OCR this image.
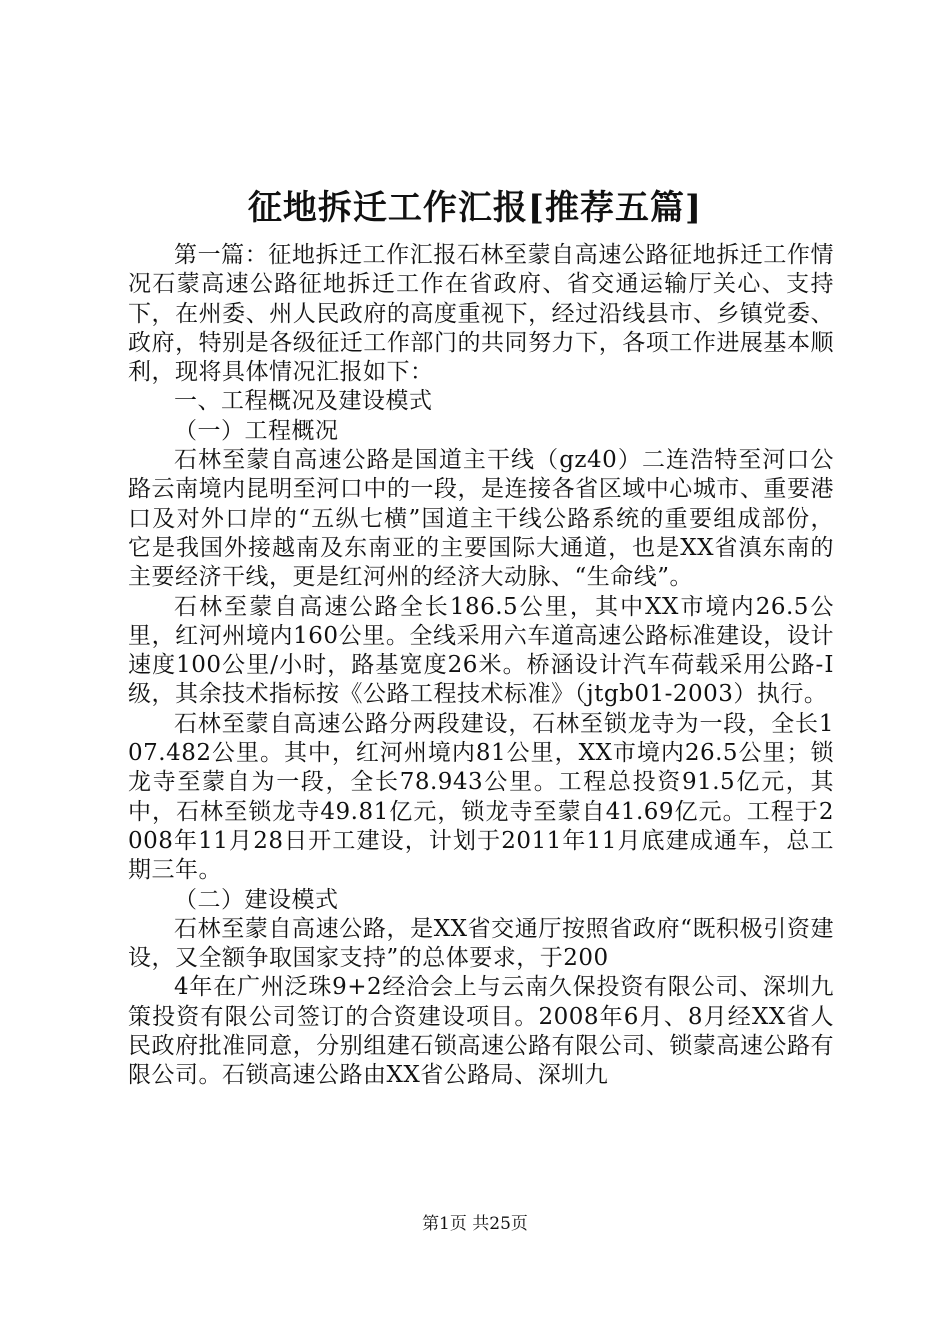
征地拆迁工作汇报[推荐五篇]

第一篇：征地拆迁工作汇报石林至蒙自高速公路征地拆迁工作情况石蒙高速公路征地拆迁工作在省政府、省交通运输厅关心、支持下，在州委、州人民政府的高度重视下，经过沿线县市、乡镇党委、政府，特别是各级征迁工作部门的共同努力下，各项工作进展基本顺利，现将具体情况汇报如下：

一、工程概况及建设模式

（一）工程概况

石林至蒙自高速公路是国道主干线（gz40）二连浩特至河口公路云南境内昆明至河口中的一段，是连接各省区域中心城市、重要港口及对外口岸的“五纵七横”国道主干线公路系统的重要组成部份，它是我国外接越南及东南亚的主要国际大通道，也是XX省滇东南的主要经济干线，更是红河州的经济大动脉、“生命线”。

石林至蒙自高速公路全长186.5公里，其中XX市境内26.5公里，红河州境内160公里。全线采用六车道高速公路标准建设，设计速度100公里/小时，路基宽度26米。桥涵设计汽车荷载采用公路-Ⅰ级，其余技术指标按《公路工程技术标准》（jtgb01-2003）执行。

石林至蒙自高速公路分两段建设，石林至锁龙寺为一段，全长107.482公里。其中，红河州境内81公里，XX市境内26.5公里；锁龙寺至蒙自为一段，全长78.943公里。工程总投资91.5亿元，其中，石林至锁龙寺49.81亿元，锁龙寺至蒙自41.69亿元。工程于2008年11月28日开工建设，计划于2011年11月底建成通车，总工期三年。

（二）建设模式

石林至蒙自高速公路，是XX省交通厅按照省政府“既积极引资建设，又全额争取国家支持”的总体要求，于200

4年在广州泛珠9+2经洽会上与云南久保投资有限公司、深圳九策投资有限公司签订的合资建设项目。2008年6月、8月经XX省人民政府批准同意，分别组建石锁高速公路有限公司、锁蒙高速公路有限公司。石锁高速公路由XX省公路局、深圳九

第1页 共25页
